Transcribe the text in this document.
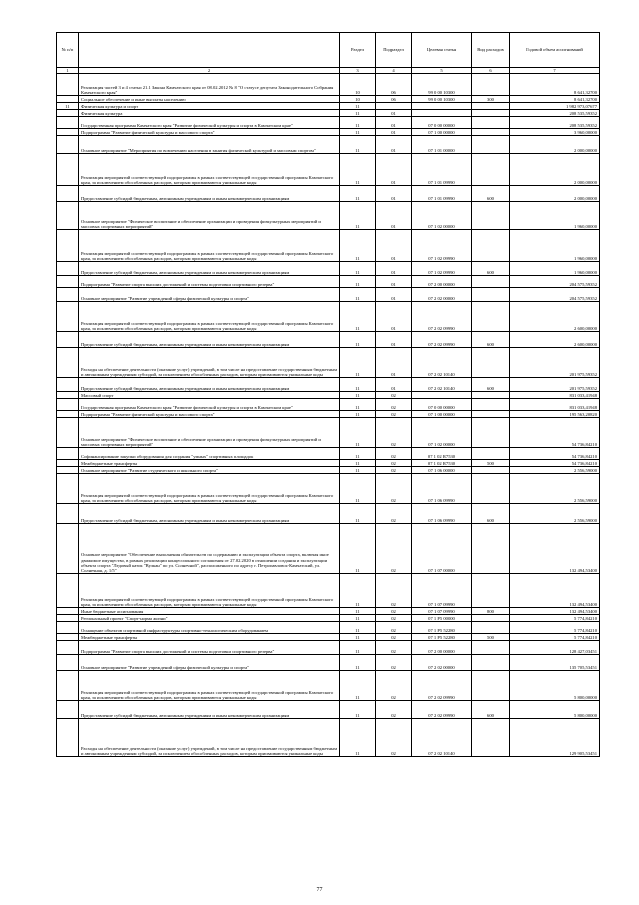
№ п/п		Раздел	Подраздел	Целевая статья	Вид расходов	Годовой объем ассигнований
1	2	3	4	5	6	7
	Реализация частей 3 и 4 статьи 21.1 Закона Камчатского края от 08.02.2012 № 8 "О статусе депутата Законодательного Собрания Камчатского края"	10	06	99 0 00 10300		8 641,32700
	Социальное обеспечение и иные выплаты населению	10	06	99 0 00 10300	300	8 641,32700
11	Физическая культура и спорт	11				1 982 973,07677
	Физическая культура	11	01			208 535,59352
	Государственная программа Камчатского края "Развитие физической культуры и спорта в Камчатском крае"	11	01	07 0 00 00000		208 535,59352
	Подпрограмма "Развитие физической культуры и массового спорта"	11	01	07 1 00 00000		3 960,00000
	Основное мероприятие "Мероприятия по вовлечению населения в занятия физической культурой и массовым спортом"	11	01	07 1 01 00000		2 000,00000
	Реализация мероприятий соответствующей подпрограммы в рамках соответствующей государственной программы Камчатского края, за исключением обособленных расходов, которым присваиваются уникальные коды	11	01	07 1 01 09990		2 000,00000
	Предоставление субсидий бюджетным, автономным учреждениям и иным некоммерческим организациям	11	01	07 1 01 09990	600	2 000,00000
	Основное мероприятие "Физическое воспитание и обеспечение организации и проведения физкультурных мероприятий и массовых спортивных мероприятий"	11	01	07 1 02 00000		1 960,00000
	Реализация мероприятий соответствующей подпрограммы в рамках соответствующей государственной программы Камчатского края, за исключением обособленных расходов, которым присваиваются уникальные коды	11	01	07 1 02 09990		1 960,00000
	Предоставление субсидий бюджетным, автономным учреждениям и иным некоммерческим организациям	11	01	07 1 02 09990	600	1 960,00000
	Подпрограмма "Развитие спорта высших достижений и системы подготовки спортивного резерва"	11	01	07 2 00 00000		204 575,59352
	Основное мероприятие "Развитие учреждений сферы физической культуры и спорта"	11	01	07 2 02 00000		204 575,59352
	Реализация мероприятий соответствующей подпрограммы в рамках соответствующей государственной программы Камчатского края, за исключением обособленных расходов, которым присваиваются уникальные коды	11	01	07 2 02 09990		2 600,00000
	Предоставление субсидий бюджетным, автономным учреждениям и иным некоммерческим организациям	11	01	07 2 02 09990	600	2 600,00000
	Расходы на обеспечение деятельности (оказание услуг) учреждений, в том числе на предоставление государственным бюджетным и автономным учреждениям субсидий, за исключением обособленных расходов, которым присваиваются уникальные коды	11	01	07 2 02 10140		201 975,59352
	Предоставление субсидий бюджетным, автономным учреждениям и иным некоммерческим организациям	11	01	07 2 02 10140	600	201 975,59352
	Массовый спорт	11	02			831 033,41948
	Государственная программа Камчатского края "Развитие физической культуры и спорта в Камчатском крае"	11	02	07 0 00 00000		831 033,41948
	Подпрограмма "Развитие физической культуры и массового спорта"	11	02	07 1 00 00000		195 563,20820
	Основное мероприятие "Физическое воспитание и обеспечение организации и проведения физкультурных мероприятий и массовых спортивных мероприятий"	11	02	07 1 02 00000		54 736,84210
	Софинансирование закупки оборудования для создания "умных" спортивных площадок	11	02	07 1 02 R7530		54 736,84210
	Межбюджетные трансферты	11	02	07 1 02 R7530	500	54 736,84210
	Основное мероприятие "Развитие студенческого и школьного спорта"	11	02	07 1 06 00000		2 556,59000
	Реализация мероприятий соответствующей подпрограммы в рамках соответствующей государственной программы Камчатского края, за исключением обособленных расходов, которым присваиваются уникальные коды	11	02	07 1 06 09990		2 556,59000
	Предоставление субсидий бюджетным, автономным учреждениям и иным некоммерческим организациям	11	02	07 1 06 09990	600	2 556,59000
	Основное мероприятие "Обеспечение выполнения обязательств по содержанию и эксплуатации объекта спорта, включая иное движимое имущество, в рамках реализации концессионного соглашения от 27.02.2020 в отношении создания и эксплуатации объекта спорта "Ледовый каток "Вулкан" по ул. Солнечной", расположенного по адресу г. Петропавловск-Камчатский, ул. Солнечная, д. 1/5"	11	02	07 1 07 00000		132 494,53400
	Реализация мероприятий соответствующей подпрограммы в рамках соответствующей государственной программы Камчатского края, за исключением обособленных расходов, которым присваиваются уникальные коды	11	02	07 1 07 09990		132 494,53400
	Иные бюджетные ассигнования	11	02	07 1 07 09990	800	132 494,53400
	Региональный проект "Спорт-норма жизни"	11	02	07 1 Р5 00000		5 774,84210
	Оснащение объектов спортивной инфраструктуры спортивно-технологическим оборудованием	11	02	07 1 Р5 52280		5 774,84210
	Межбюджетные трансферты	11	02	07 1 Р5 52280	500	5 774,84210
	Подпрограмма "Развитие спорта высших достижений и системы подготовки спортивного резерва"	11	02	07 2 00 00000		128 427,03451
	Основное мероприятие "Развитие учреждений сферы физической культуры и спорта"	11	02	07 2 02 00000		135 705,53451
	Реализация мероприятий соответствующей подпрограммы в рамках соответствующей государственной программы Камчатского края, за исключением обособленных расходов, которым присваиваются уникальные коды	11	02	07 2 02 09990		5 800,00000
	Предоставление субсидий бюджетным, автономным учреждениям и иным некоммерческим организациям	11	02	07 2 02 09990	600	5 800,00000
	Расходы на обеспечение деятельности (оказание услуг) учреждений, в том числе на предоставление государственным бюджетным и автономным учреждениям субсидий, за исключением обособленных расходов, которым присваиваются уникальные коды	11	02	07 2 02 10140		129 905,53451
77
